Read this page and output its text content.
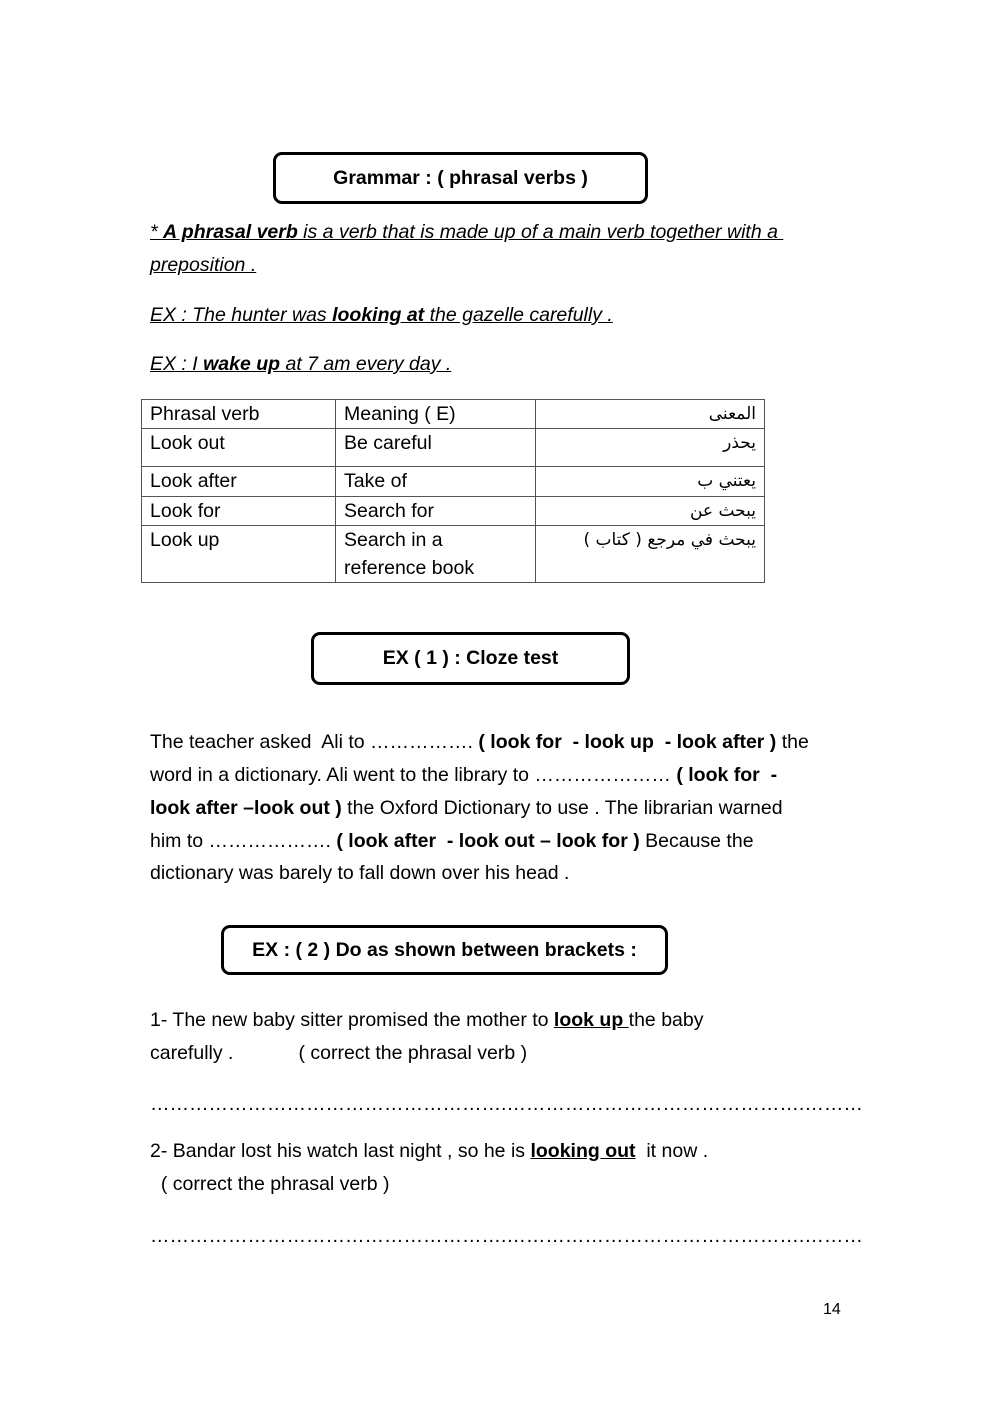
Grammar : ( phrasal verbs )
* A phrasal verb is a verb that is made up of a main verb together with a
preposition .
EX : The hunter was looking at the gazelle carefully .
EX : I wake up at 7 am every day .
Phrasal verb	Meaning ( E)	المعنى
Look out	Be careful	يحذر
Look after	Take of	يعتني ب
Look for	Search for	يبحث عن
Look up	Search in a reference book	يبحث في مرجع ( كتاب )
EX ( 1 ) : Cloze test
The teacher asked  Ali to ……………. ( look for  - look up  - look after ) the
word in a dictionary. Ali went to the library to ………………… ( look for  -
look after –look out ) the Oxford Dictionary to use . The librarian warned
him to ………………. ( look after  - look out – look for ) Because the
dictionary was barely to fall down over his head .
EX : ( 2 ) Do as shown between brackets :
1- The new baby sitter promised the mother to look up the baby
carefully .            ( correct the phrasal verb )
……………………………………………….……………………………………….………
2- Bandar lost his watch last night , so he is looking out  it now .
( correct the phrasal verb )
……………………………………………….……………………………………….………
14
